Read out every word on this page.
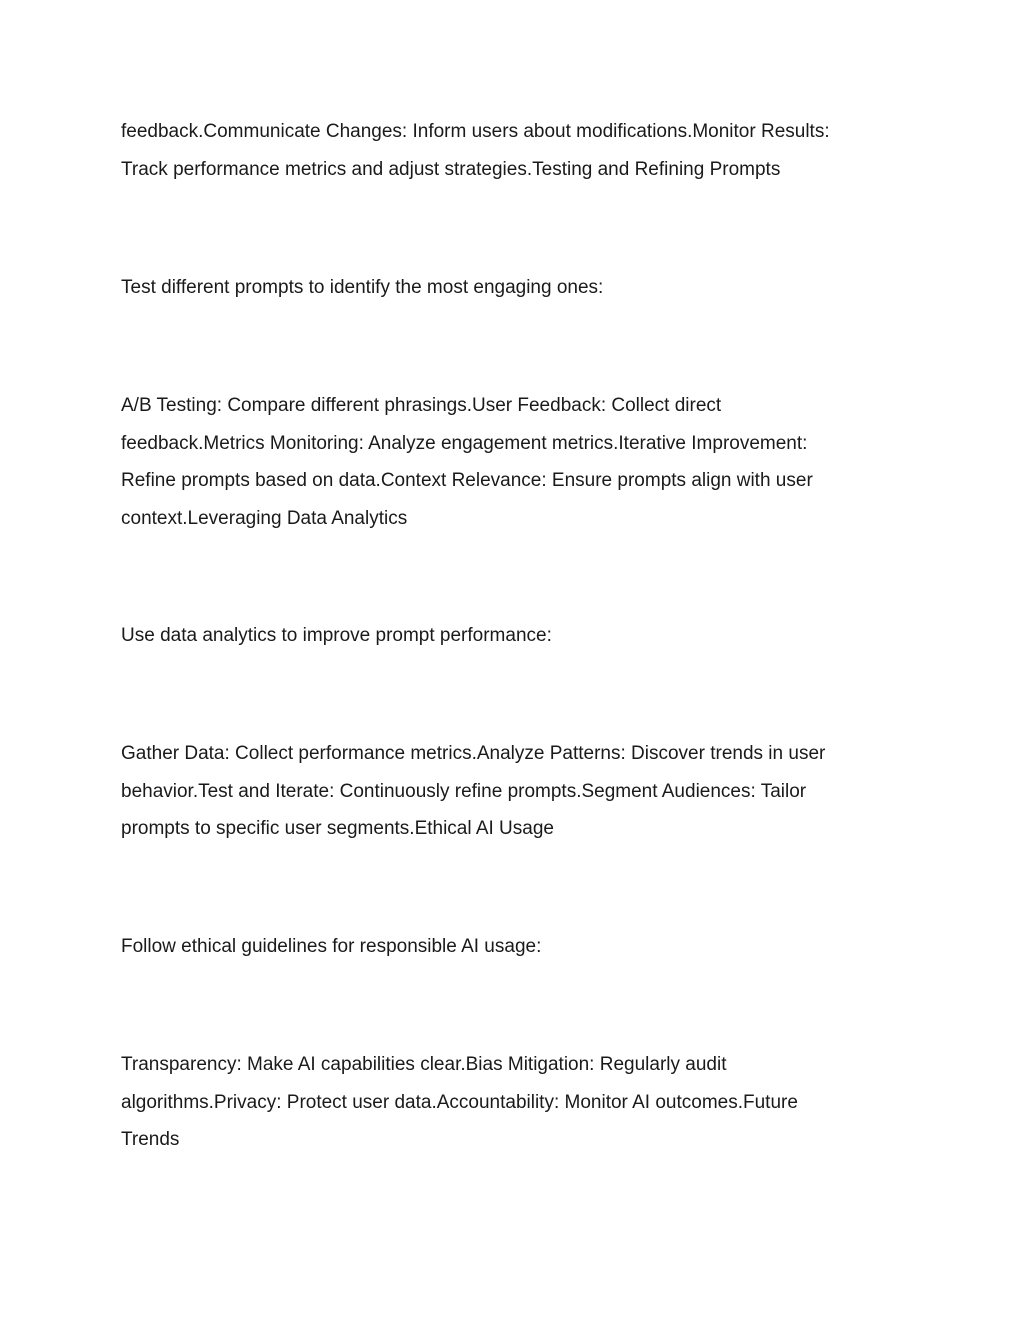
feedback.Communicate Changes: Inform users about modifications.Monitor Results:
Track performance metrics and adjust strategies.Testing and Refining Prompts

Test different prompts to identify the most engaging ones:

A/B Testing: Compare different phrasings.User Feedback: Collect direct
feedback.Metrics Monitoring: Analyze engagement metrics.Iterative Improvement:
Refine prompts based on data.Context Relevance: Ensure prompts align with user
context.Leveraging Data Analytics

Use data analytics to improve prompt performance:

Gather Data: Collect performance metrics.Analyze Patterns: Discover trends in user
behavior.Test and Iterate: Continuously refine prompts.Segment Audiences: Tailor
prompts to specific user segments.Ethical AI Usage

Follow ethical guidelines for responsible AI usage:

Transparency: Make AI capabilities clear.Bias Mitigation: Regularly audit
algorithms.Privacy: Protect user data.Accountability: Monitor AI outcomes.Future
Trends
